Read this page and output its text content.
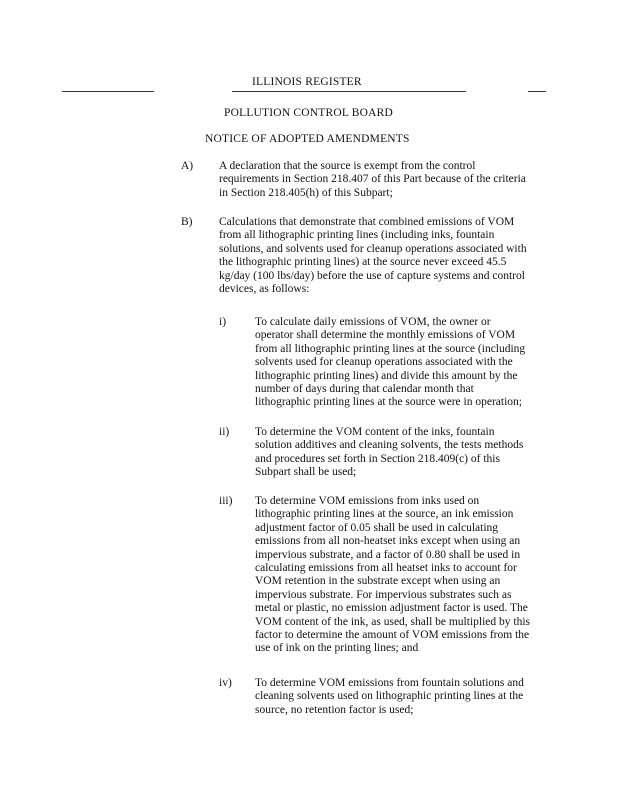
ILLINOIS REGISTER
POLLUTION CONTROL BOARD
NOTICE OF ADOPTED AMENDMENTS
A) A declaration that the source is exempt from the control
requirements in Section 218.407 of this Part because of the criteria
in Section 218.405(h) of this Subpart;

B) Calculations that demonstrate that combined emissions of VOM
from all lithographic printing lines (including inks, fountain
solutions, and solvents used for cleanup operations associated with
the lithographic printing lines) at the source never exceed 45.5
kg/day (100 lbs/day) before the use of capture systems and control
devices, as follows:

i)	To calculate daily emissions of VOM, the owner or
operator shall determine the monthly emissions of VOM
from all lithographic printing lines at the source (including
solvents used for cleanup operations associated with the
lithographic printing lines) and divide this amount by the
number of days during that calendar month that
lithographic printing lines at the source were in operation;

ii) To determine the VOM content of the inks, fountain
solution additives and cleaning solvents, the tests methods
and procedures set forth in Section 218.409(c) of this
Subpart shall be used;

iii) To determine VOM emissions from inks used on
lithographic printing lines at the source, an ink emission
adjustment factor of 0.05 shall be used in calculating
emissions from all non-heatset inks except when using an
impervious substrate, and a factor of 0.80 shall be used in
calculating emissions from all heatset inks to account for
VOM retention in the substrate except when using an
impervious substrate. For impervious substrates such as
metal or plastic, no emission adjustment factor is used. The
VOM content of the ink, as used, shall be multiplied by this
factor to determine the amount of VOM emissions from the
use of ink on the printing lines; and

iv) To determine VOM emissions from fountain solutions and
cleaning solvents used on lithographic printing lines at the
source, no retention factor is used;
